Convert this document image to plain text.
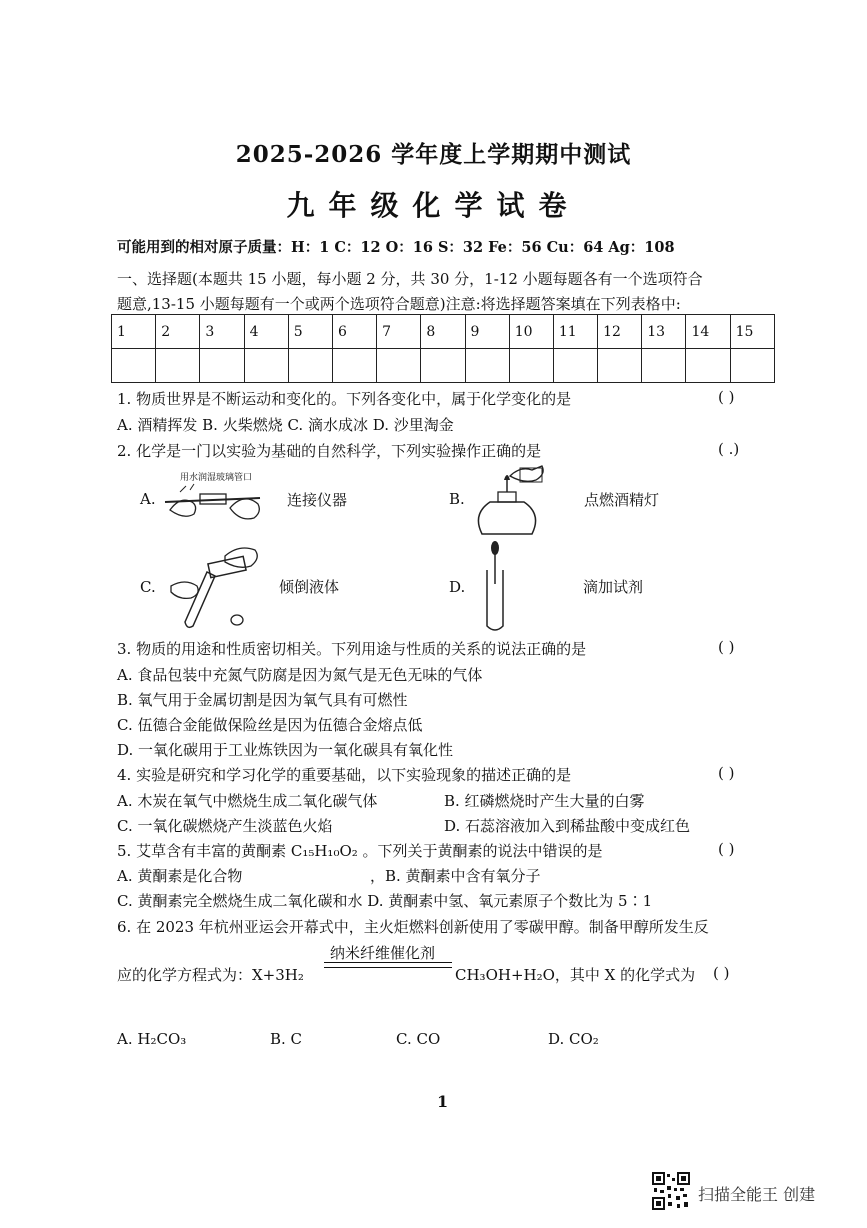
2025-2026 学年度上学期期中测试
九年级化学试卷
可能用到的相对原子质量：H：1 C：12 O：16 S：32 Fe：56 Cu：64 Ag：108
一、选择题(本题共 15 小题，每小题 2 分，共 30 分，1-12 小题每题各有一个选项符合
题意,13-15 小题每题有一个或两个选项符合题意)注意:将选择题答案填在下列表格中:
1	2	3	4	5	6	7	8	9	10	11	12	13	14	15

1. 物质世界是不断运动和变化的。下列各变化中，属于化学变化的是	( )
A. 酒精挥发 B. 火柴燃烧 C. 滴水成冰 D. 沙里淘金
2. 化学是一门以实验为基础的自然科学，下列实验操作正确的是	( .)
A.
用水润湿玻璃管口
连接仪器	B.	点燃酒精灯
C.	倾倒液体	D.	滴加试剂
3. 物质的用途和性质密切相关。下列用途与性质的关系的说法正确的是	( )
A. 食品包装中充氮气防腐是因为氮气是无色无味的气体
B. 氧气用于金属切割是因为氧气具有可燃性
C. 伍德合金能做保险丝是因为伍德合金熔点低
D. 一氧化碳用于工业炼铁因为一氧化碳具有氧化性
4. 实验是研究和学习化学的重要基础，以下实验现象的描述正确的是	( )
A. 木炭在氧气中燃烧生成二氧化碳气体	B. 红磷燃烧时产生大量的白雾
C. 一氧化碳燃烧产生淡蓝色火焰	D. 石蕊溶液加入到稀盐酸中变成红色
5. 艾草含有丰富的黄酮素 C₁₅H₁₀O₂ 。下列关于黄酮素的说法中错误的是	( )
A. 黄酮素是化合物	，B. 黄酮素中含有氧分子
C. 黄酮素完全燃烧生成二氧化碳和水 D. 黄酮素中氢、氧元素原子个数比为 5∶1
6. 在 2023 年杭州亚运会开幕式中，主火炬燃料创新使用了零碳甲醇。制备甲醇所发生反
纳米纤维催化剂
应的化学方程式为：X+3H₂	CH₃OH+H₂O，其中 X 的化学式为 ( )
A. H₂CO₃	B. C	C. CO	D. CO₂
1
扫描全能王 创建
